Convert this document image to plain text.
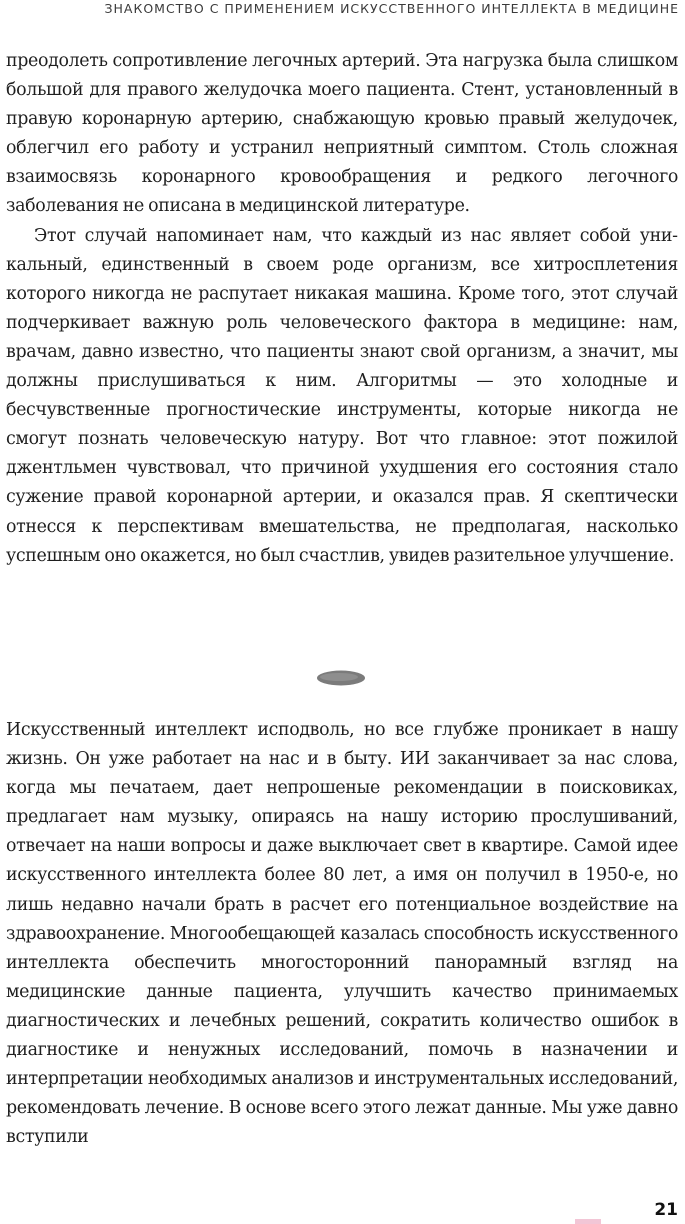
ЗНАКОМСТВО С ПРИМЕНЕНИЕМ ИСКУССТВЕННОГО ИНТЕЛЛЕКТА В МЕДИЦИНЕ

преодолеть сопротивление легочных артерий. Эта нагрузка была слишком большой для правого желудочка моего пациента. Стент, установленный в правую коронарную артерию, снабжающую кровью правый желудочек, облегчил его работу и устранил неприятный симптом. Столь сложная взаимосвязь коронарного кровообращения и редкого легочного заболевания не описана в медицинской литературе.

Этот случай напоминает нам, что каждый из нас являет собой уникальный, единственный в своем роде организм, все хитросплетения которого никогда не распутает никакая машина. Кроме того, этот случай подчеркивает важную роль человеческого фактора в медицине: нам, врачам, давно известно, что пациенты знают свой организм, а значит, мы должны прислушиваться к ним. Алгоритмы — это холодные и бесчувственные прогностические инструменты, которые никогда не смогут познать человеческую натуру. Вот что главное: этот пожилой джентльмен чувствовал, что причиной ухудшения его состояния стало сужение правой коронарной артерии, и оказался прав. Я скептически отнесся к перспективам вмешательства, не предполагая, насколько успешным оно окажется, но был счастлив, увидев разительное улучшение.

Искусственный интеллект исподволь, но все глубже проникает в нашу жизнь. Он уже работает на нас и в быту. ИИ заканчивает за нас слова, когда мы печатаем, дает непрошеные рекомендации в поисковиках, предлагает нам музыку, опираясь на нашу историю прослушиваний, отвечает на наши вопросы и даже выключает свет в квартире. Самой идее искусственного интеллекта более 80 лет, а имя он получил в 1950-е, но лишь недавно начали брать в расчет его потенциальное воздействие на здравоохранение. Многообещающей казалась способность искусственного интеллекта обеспечить многосторонний панорамный взгляд на медицинские данные пациента, улучшить качество принимаемых диагностических и лечебных решений, сократить количество ошибок в диагностике и ненужных исследований, помочь в назначении и интерпретации необходимых анализов и инструментальных исследований, рекомендовать лечение. В основе всего этого лежат данные. Мы уже давно вступили

21
